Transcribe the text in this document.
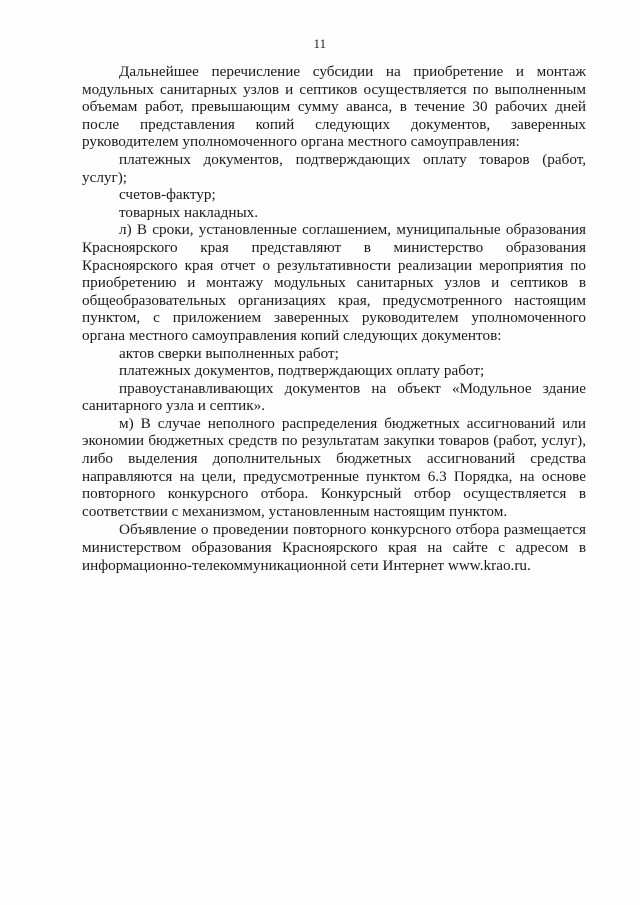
11

Дальнейшее перечисление субсидии на приобретение и монтаж модульных санитарных узлов и септиков осуществляется по выполненным объемам работ, превышающим сумму аванса, в течение 30 рабочих дней после представления копий следующих документов, заверенных руководителем уполномоченного органа местного самоуправления:

платежных документов, подтверждающих оплату товаров (работ, услуг);

счетов-фактур;

товарных накладных.

л) В сроки, установленные соглашением, муниципальные образования Красноярского края представляют в министерство образования Красноярского края отчет о результативности реализации мероприятия по приобретению и монтажу модульных санитарных узлов и септиков в общеобразовательных организациях края, предусмотренного настоящим пунктом, с приложением заверенных руководителем уполномоченного органа местного самоуправления копий следующих документов:

актов сверки выполненных работ;

платежных документов, подтверждающих оплату работ;

правоустанавливающих документов на объект «Модульное здание санитарного узла и септик».

м) В случае неполного распределения бюджетных ассигнований или экономии бюджетных средств по результатам закупки товаров (работ, услуг), либо выделения дополнительных бюджетных ассигнований средства направляются на цели, предусмотренные пунктом 6.3 Порядка, на основе повторного конкурсного отбора. Конкурсный отбор осуществляется в соответствии с механизмом, установленным настоящим пунктом.

Объявление о проведении повторного конкурсного отбора размещается министерством образования Красноярского края на сайте с адресом в информационно-телекоммуникационной сети Интернет www.krao.ru.
